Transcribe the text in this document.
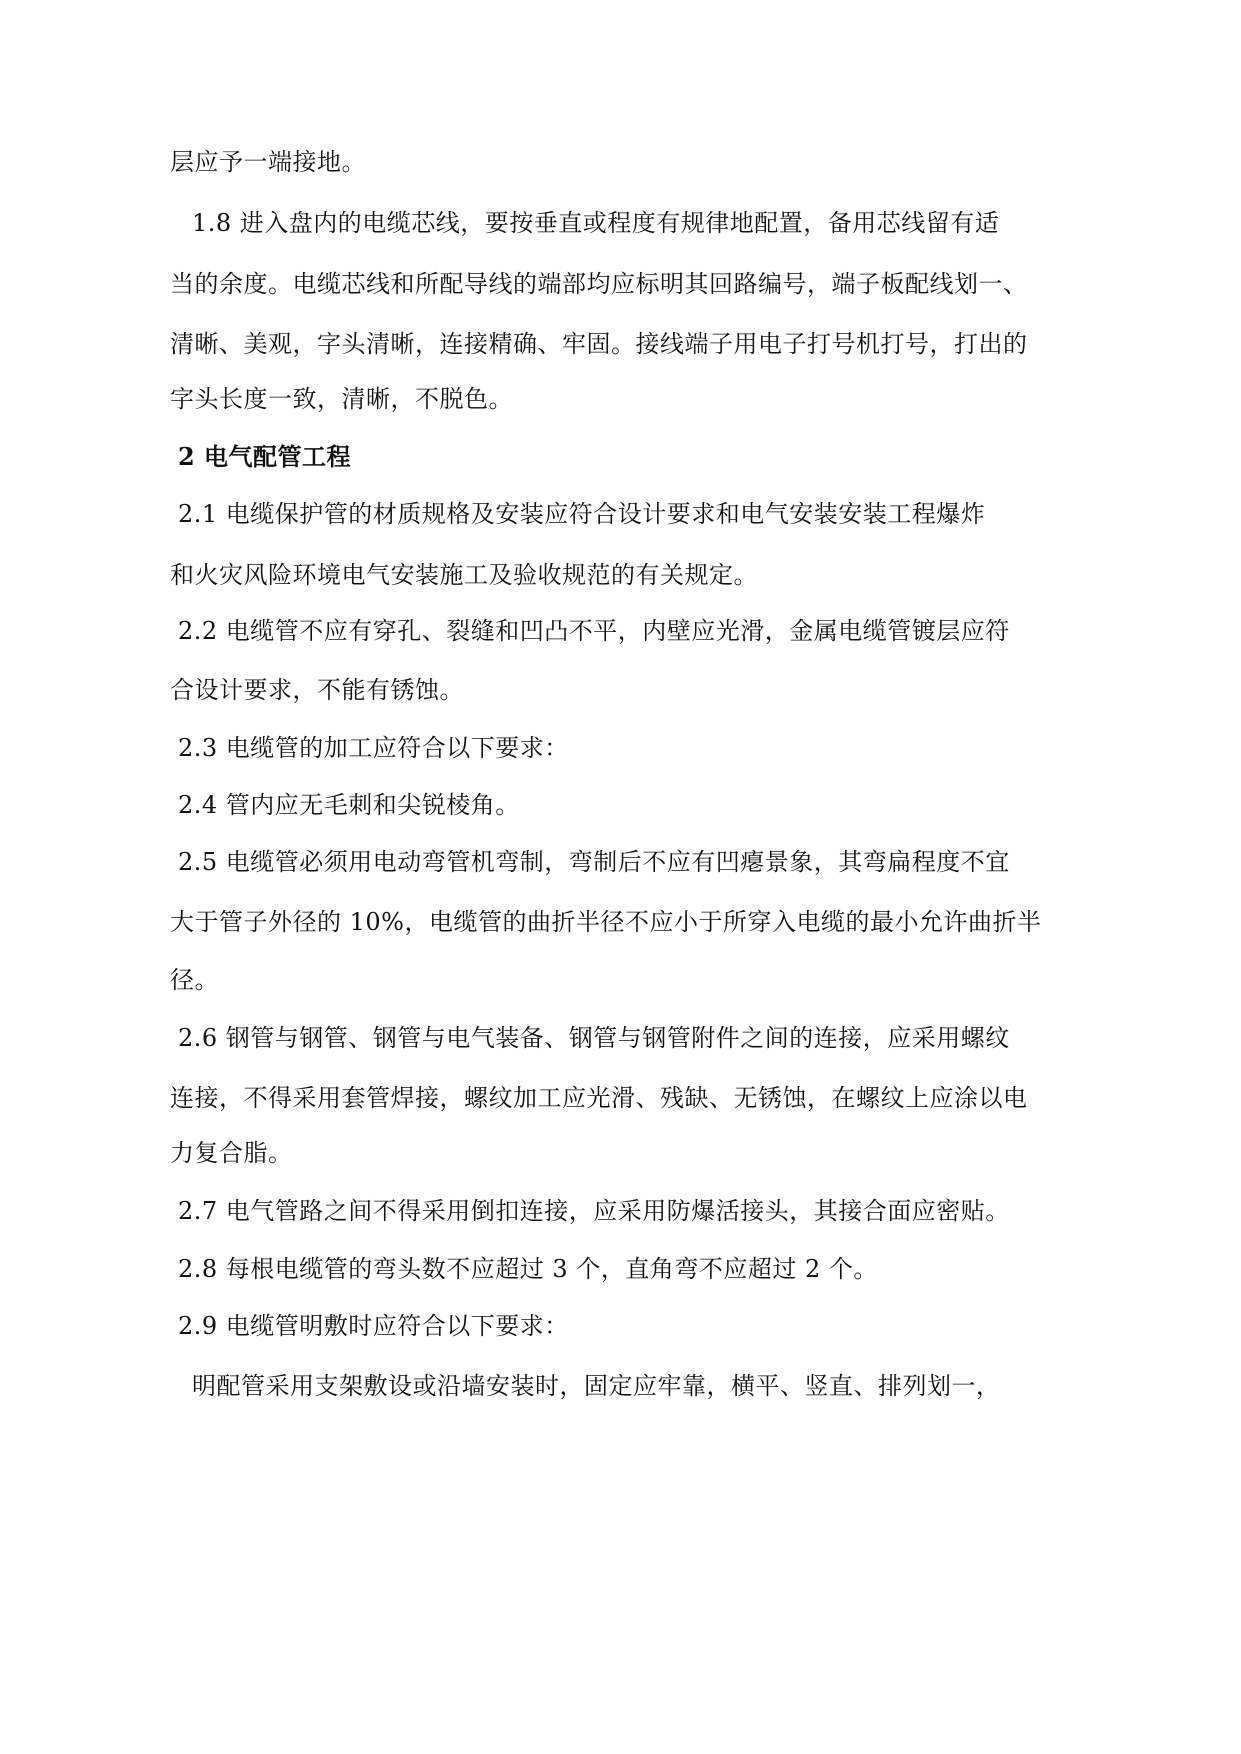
层应予一端接地。
1.8 进入盘内的电缆芯线，要按垂直或程度有规律地配置，备用芯线留有适
当的余度。电缆芯线和所配导线的端部均应标明其回路编号，端子板配线划一、
清晰、美观，字头清晰，连接精确、牢固。接线端子用电子打号机打号，打出的
字头长度一致，清晰，不脱色。
2 电气配管工程
2.1 电缆保护管的材质规格及安装应符合设计要求和电气安装安装工程爆炸
和火灾风险环境电气安装施工及验收规范的有关规定。
2.2 电缆管不应有穿孔、裂缝和凹凸不平，内壁应光滑，金属电缆管镀层应符
合设计要求，不能有锈蚀。
2.3 电缆管的加工应符合以下要求：
2.4 管内应无毛刺和尖锐棱角。
2.5 电缆管必须用电动弯管机弯制，弯制后不应有凹瘪景象，其弯扁程度不宜
大于管子外径的 10%，电缆管的曲折半径不应小于所穿入电缆的最小允许曲折半
径。
2.6 钢管与钢管、钢管与电气装备、钢管与钢管附件之间的连接，应采用螺纹
连接，不得采用套管焊接，螺纹加工应光滑、残缺、无锈蚀，在螺纹上应涂以电
力复合脂。
2.7 电气管路之间不得采用倒扣连接，应采用防爆活接头，其接合面应密贴。
2.8 每根电缆管的弯头数不应超过 3 个，直角弯不应超过 2 个。
2.9 电缆管明敷时应符合以下要求：
明配管采用支架敷设或沿墙安装时，固定应牢靠，横平、竖直、排列划一，
